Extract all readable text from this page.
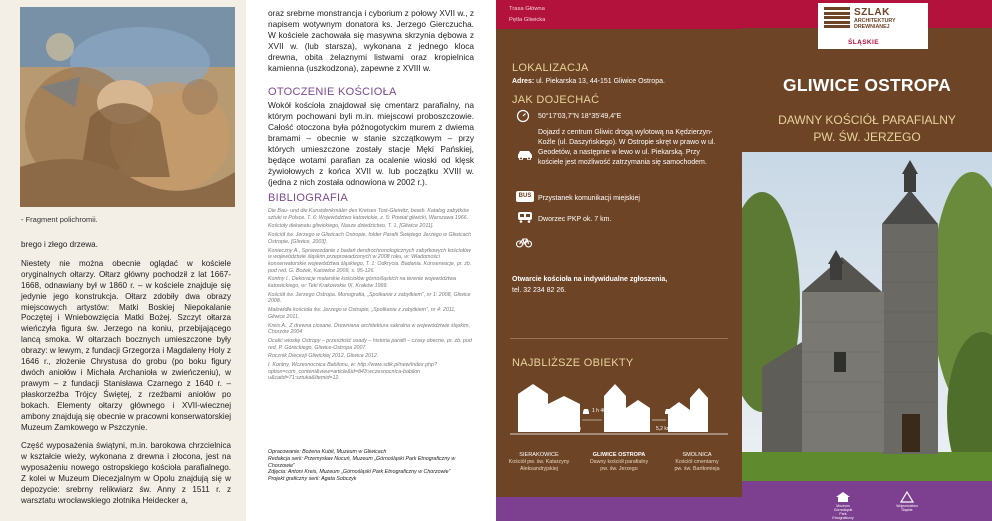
- Fragment polichromii.

brego i złego drzewa.

Niestety nie można obecnie oglądać w kościele oryginalnych ołtarzy. Ołtarz główny pochodził z lat 1667-1668, odnawiany był w 1860 r. – w kościele znajduje się jedynie jego konstrukcja. Ołtarz zdobiły dwa obrazy miejscowych artystów: Matki Boskiej Niepokalanie Poczętej i Wniebowzięcia Matki Bożej. Szczyt ołtarza wieńczyła figura św. Jerzego na koniu, przebijającego lancą smoka. W ołtarzach bocznych umieszczone były obrazy: w lewym, z fundacji Grzegorza i Magdaleny Holy z 1646 r., złożenie Chrystusa do grobu (po boku figury dwóch aniołów i Michała Archanioła w zwieńczeniu), w prawym – z fundacji Stanisława Czarnego z 1640 r. – płaskorzeźba Trójcy Świętej, z rzeźbami aniołów po bokach. Elementy ołtarzy głównego i XVII-wiecznej ambony znajdują się obecnie w pracowni konserwatorskiej Muzeum Zamkowego w Pszczynie.

Część wyposażenia świątyni, m.in. barokowa chrzcielnica w kształcie wieży, wykonana z drewna i złocona, jest na wyposażeniu nowego ostropskiego kościoła parafialnego. Z kolei w Muzeum Diecezjalnym w Opolu znajdują się w depozycie: srebrny relikwiarz św. Anny z 1511 r. z warsztatu wrocławskiego złotnika Heidecker a,

oraz srebrne monstrancja i cyborium z połowy XVII w., z napisem wotywnym donatora ks. Jerzego Gierczucha. W kościele zachowała się masywna skrzynia dębowa z XVII w. (lub starsza), wykonana z jednego kloca drewna, obita żelaznymi listwami oraz kropielnica kamienna (uszkodzona), zapewne z XVIII w.
OTOCZENIE KOŚCIOŁA
Wokół kościoła znajdował się cmentarz parafialny, na którym pochowani byli m.in. miejscowi proboszczowie. Całość otoczona była późnogotyckim murem z dwiema bramami – obecnie w stanie szczątkowym – przy których umieszczone zostały stacje Męki Pańskiej, będące wotami parafian za ocalenie wioski od klęsk żywiołowych z końca XVII w. lub początku XVIII w. (jedna z nich została odnowiona w 2002 r.).
BIBLIOGRAFIA

Die Bau- und die Kunstdenkmäler des Kreises Tost-Gleiwitz, bearb. Katalog zabytków sztuki w Polsce. T. 6: Województwo katowickie, z. 5: Powiat gliwicki, Warszawa 1966.

Kościoły dekanatu gliwickiego, Nasze dziedzictwo, T. 1, [Gliwice 2011].

Kościół św. Jerzego w Gliwicach Ostropie, folder Parafii Świętego Jerzego w Gliwicach Ostropie, [Gliwice, 2003].

Konieczny A., Sprawozdanie z badań dendrochronologicznych zabytkowych kościołów w województwie śląskim przeprowadzonych w 2008 roku, w: Wiadomości konserwatorskie województwa śląskiego, T. 1: Odkrycia. Badania. Konserwacje, pr. zb. pod red. G. Bożek, Katowice 2009, s. 95-126.

Kontny I., Dekoracje malarskie kościołów górnośląskich na terenie województwa katowickiego, w: Teki Krakowskie IX, Kraków 1999.

Kościół św. Jerzego Ostropa. Monografia, „Spotkanie z zabytkiem”, nr 1: 2008, Gliwice 2008.

Malowidła kościoła św. Jerzego w Ostropie, „Spotkanie z zabytkiem”, nr 4: 2011, Gliwice 2011.

Kreis A., Z drewna ciosane. Drewniana architektura sakralna w województwie śląskim, Chorzów 2004

Ocalić wioskę Ostropy – przeszłość osady – historia parafii – czasy obecne, pr. zb. pod red. P. Góreckiego, Gliwice-Ostropa 2007.

Rocznik Diecezji Gliwickiej 2012, Gliwice 2012.

I. Kontny, Wczesnocnica Babilonu, w: http://www.sdik.pl/new/index.php?option=com_content&view=article&id=843:wczesnocnica-babilon u&catid=71:sztuka&Itemid=12.

Opracowanie: Bożena Kubit, Muzeum w Gliwicach
Redakcja serii: Przemysław Nocuń, Muzeum „Górnośląski Park Etnograficzny w Chorzowie”
Zdjęcia: Antoni Kreis, Muzeum „Górnośląski Park Etnograficzny w Chorzowie”
Projekt graficzny serii: Agata Sobczyk
Trasa Główna
Pętla Gliwicka
LOKALIZACJA
Adres: ul. Piekarska 13, 44-151 Gliwice Ostropa.
JAK DOJECHAĆ
50°17'03,7"N 18°35'49,4"E
Dojazd z centrum Gliwic drogą wylotową na Kędzierzyn-Koźle (ul. Daszyńskiego). W Ostropie skręt w prawo w ul. Geodetów, a następnie w lewo w ul. Piekarską. Przy kościele jest możliwość zatrzymania się samochodem.
BUS Przystanek komunikacji miejskiej
Dworzec PKP ok. 7 km.
Otwarcie kościoła na indywidualne zgłoszenia,
tel. 32 234 82 26.
NAJBLIŻSZE OBIEKTY
1 h 40 min	35 min
7,6 km	5,2 km
SIERAKOWICE
Kościół pw. św. Katarzyny
Aleksandryjskiej
GLIWICE OSTROPA
Dawny kościół parafialny
pw. św. Jerzego
SMOLNICA
Kościół cmentarny
pw. św. Bartłomieja
SZLAK
ARCHITEKTURY
DREWNIANEJ
ŚLĄSKIE
GLIWICE OSTROPA
DAWNY KOŚCIÓŁ PARAFIALNY
PW. ŚW. JERZEGO
Muzeum Górnośląski Park Etnograficzny
Województwo Śląskie
